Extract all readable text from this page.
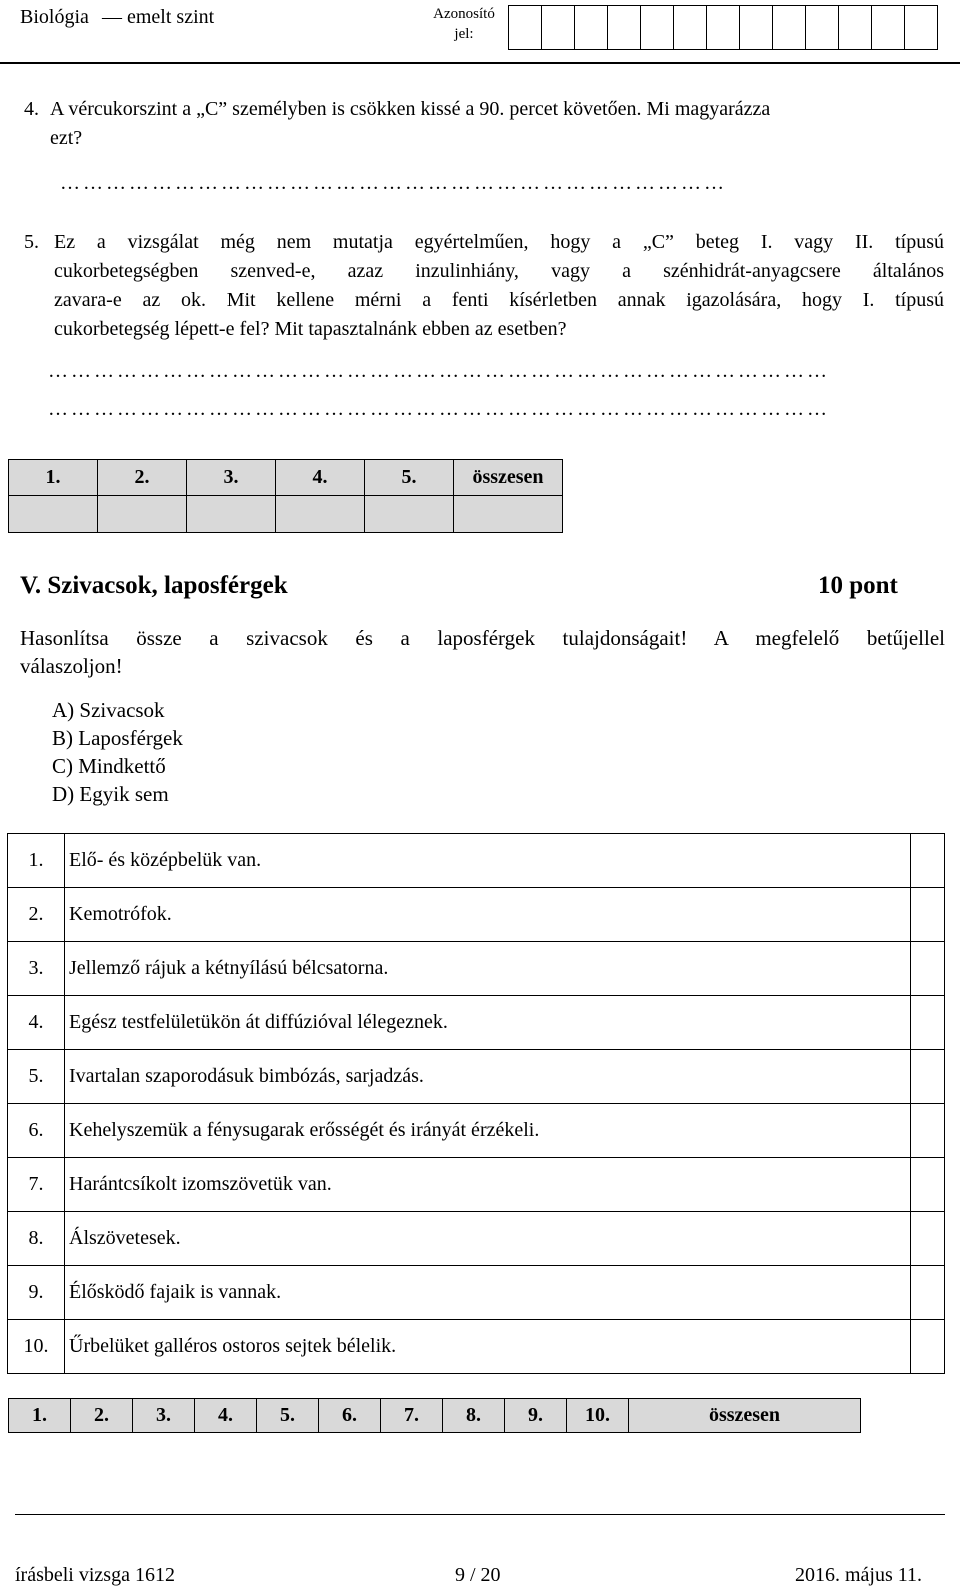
Biológia — emelt szint	Azonosító
jel:
4. A vércukorszint a „C” személyben is csökken kissé a 90. percet követően. Mi magyarázza
ezt?
……………………………………………………………………………
5. Ez a vizsgálat még nem mutatja egyértelműen, hogy a „C” beteg I. vagy II. típusú
cukorbetegségben szenved-e, azaz inzulinhiány, vagy a szénhidrát-anyagcsere általános
zavara-e az ok. Mit kellene mérni a fenti kísérletben annak igazolására, hogy I. típusú
cukorbetegség lépett-e fel? Mit tapasztalnánk ebben az esetben?
…………………………………………………………………………………………
…………………………………………………………………………………………
1.	2.	3.	4.	5.	összesen

V. Szivacsok, laposférgek	10 pont
Hasonlítsa össze a szivacsok és a laposférgek tulajdonságait! A megfelelő betűjellel
válaszoljon!
A) Szivacsok
B) Laposférgek
C) Mindkettő
D) Egyik sem
1.	Elő- és középbelük van.	
2.	Kemotrófok.	
3.	Jellemző rájuk a kétnyílású bélcsatorna.	
4.	Egész testfelületükön át diffúzióval lélegeznek.	
5.	Ivartalan szaporodásuk bimbózás, sarjadzás.	
6.	Kehelyszemük a fénysugarak erősségét és irányát érzékeli.	
7.	Harántcsíkolt izomszövetük van.	
8.	Álszövetesek.	
9.	Élősködő fajaik is vannak.	
10.	Űrbelüket galléros ostoros sejtek bélelik.	
1.	2.	3.	4.	5.	6.	7.	8.	9.	10.	összesen
írásbeli vizsga 1612	9 / 20	2016. május 11.
